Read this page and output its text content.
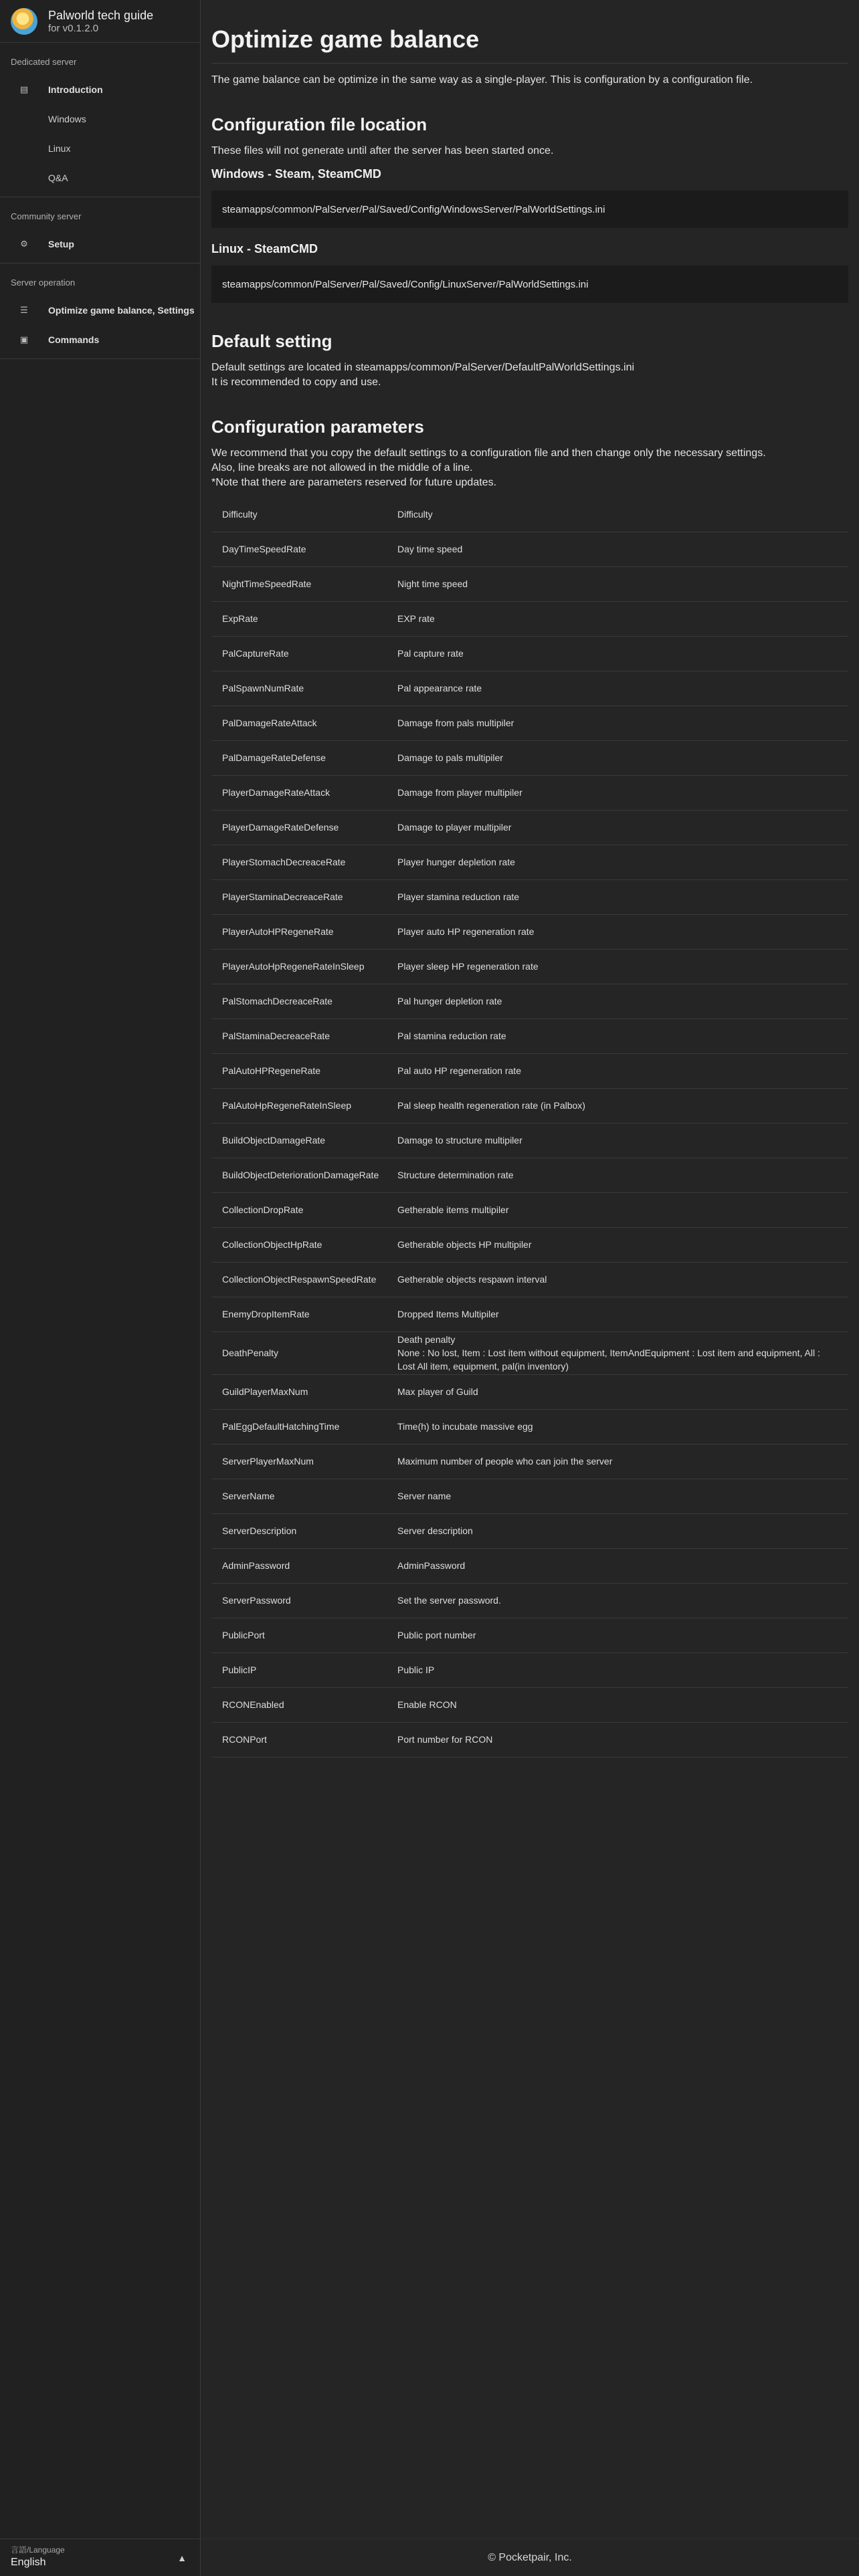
Palworld tech guide
for v0.1.2.0
Dedicated server
▤	Introduction
Windows
Linux
Q&A
Community server
⚙	Setup
Server operation
☰	Optimize game balance, Settings
▣	Commands
言語/Language
English	▲
Optimize game balance
The game balance can be optimize in the same way as a single-player. This is configuration by a configuration file.
Configuration file location
These files will not generate until after the server has been started once.
Windows - Steam, SteamCMD
steamapps/common/PalServer/Pal/Saved/Config/WindowsServer/PalWorldSettings.ini
Linux - SteamCMD
steamapps/common/PalServer/Pal/Saved/Config/LinuxServer/PalWorldSettings.ini
Default setting
Default settings are located in steamapps/common/PalServer/DefaultPalWorldSettings.ini
It is recommended to copy and use.
Configuration parameters
We recommend that you copy the default settings to a configuration file and then change only the necessary settings.
Also, line breaks are not allowed in the middle of a line.
*Note that there are parameters reserved for future updates.
Difficulty	Difficulty
DayTimeSpeedRate	Day time speed
NightTimeSpeedRate	Night time speed
ExpRate	EXP rate
PalCaptureRate	Pal capture rate
PalSpawnNumRate	Pal appearance rate
PalDamageRateAttack	Damage from pals multipiler
PalDamageRateDefense	Damage to pals multipiler
PlayerDamageRateAttack	Damage from player multipiler
PlayerDamageRateDefense	Damage to player multipiler
PlayerStomachDecreaceRate	Player hunger depletion rate
PlayerStaminaDecreaceRate	Player stamina reduction rate
PlayerAutoHPRegeneRate	Player auto HP regeneration rate
PlayerAutoHpRegeneRateInSleep	Player sleep HP regeneration rate
PalStomachDecreaceRate	Pal hunger depletion rate
PalStaminaDecreaceRate	Pal stamina reduction rate
PalAutoHPRegeneRate	Pal auto HP regeneration rate
PalAutoHpRegeneRateInSleep	Pal sleep health regeneration rate (in Palbox)
BuildObjectDamageRate	Damage to structure multipiler
BuildObjectDeteriorationDamageRate	Structure determination rate
CollectionDropRate	Getherable items multipiler
CollectionObjectHpRate	Getherable objects HP multipiler
CollectionObjectRespawnSpeedRate	Getherable objects respawn interval
EnemyDropItemRate	Dropped Items Multipiler
DeathPenalty	Death penalty
None : No lost, Item : Lost item without equipment, ItemAndEquipment : Lost item and equipment, All : Lost All item, equipment, pal(in inventory)
GuildPlayerMaxNum	Max player of Guild
PalEggDefaultHatchingTime	Time(h) to incubate massive egg
ServerPlayerMaxNum	Maximum number of people who can join the server
ServerName	Server name
ServerDescription	Server description
AdminPassword	AdminPassword
ServerPassword	Set the server password.
PublicPort	Public port number
PublicIP	Public IP
RCONEnabled	Enable RCON
RCONPort	Port number for RCON
© Pocketpair, Inc.
